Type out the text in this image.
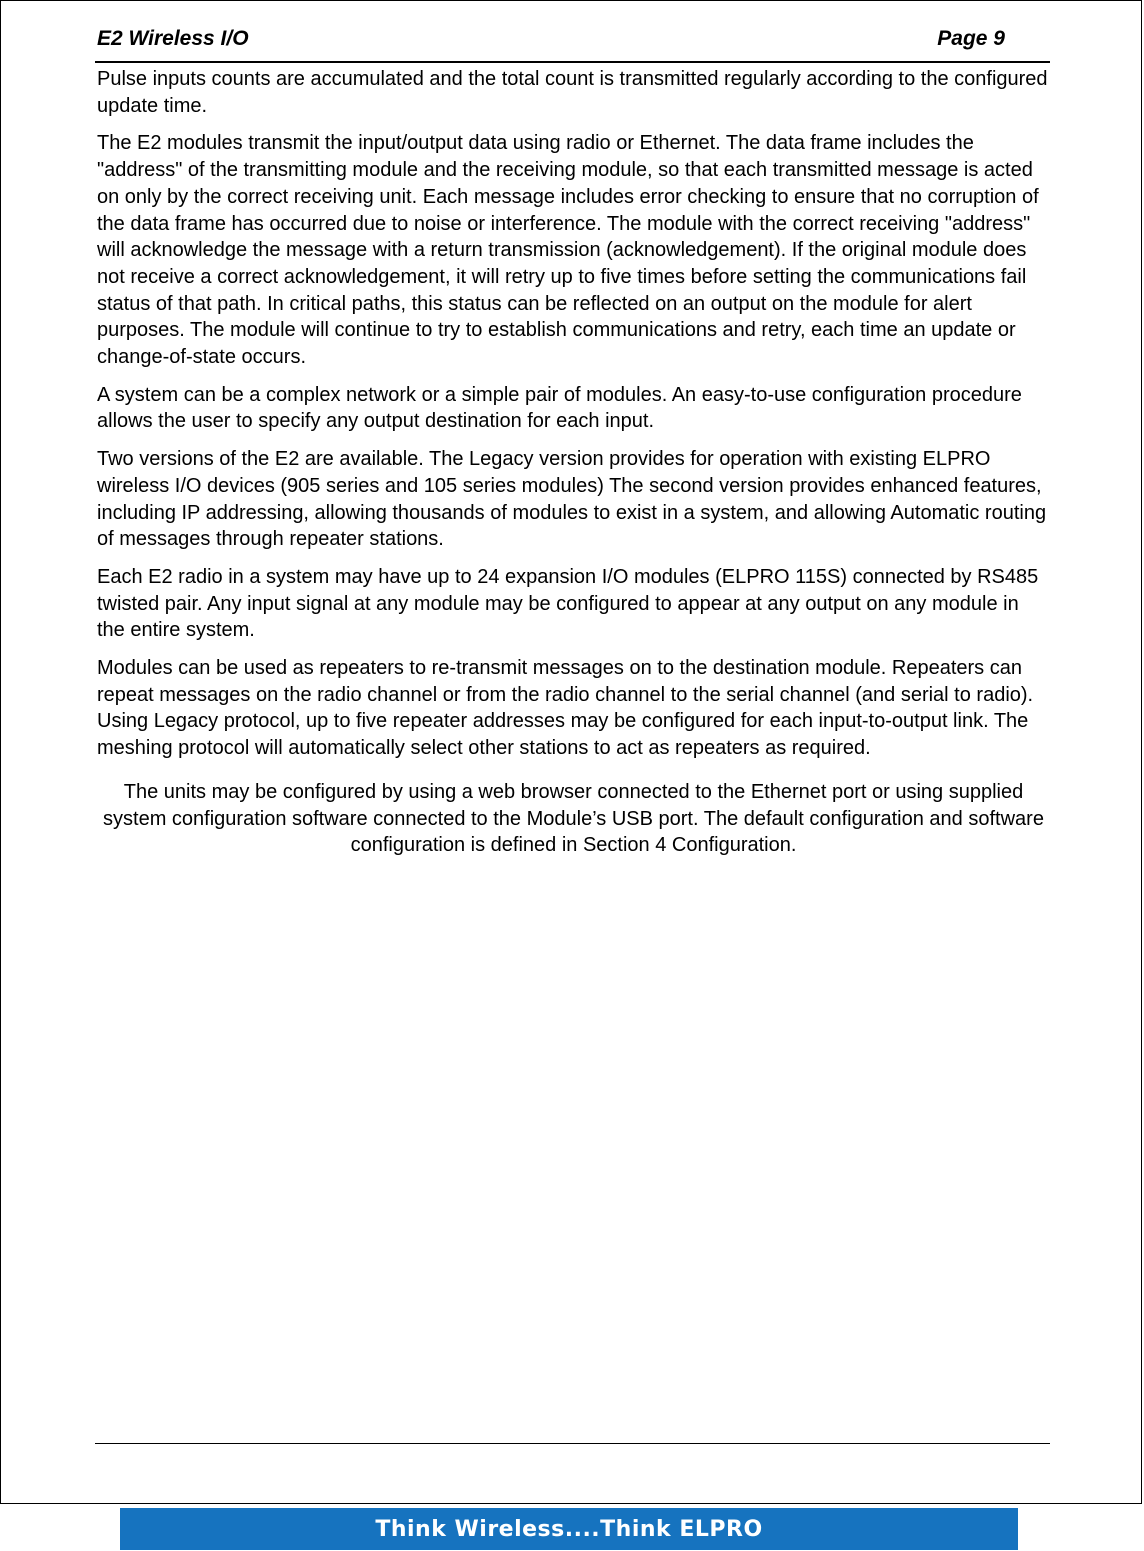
E2 Wireless I/O	Page 9

Pulse inputs counts are accumulated and the total count is transmitted regularly according to the configured update time.

The E2 modules transmit the input/output data using radio or Ethernet. The data frame includes the "address" of the transmitting module and the receiving module, so that each transmitted message is acted on only by the correct receiving unit. Each message includes error checking to ensure that no corruption of the data frame has occurred due to noise or interference. The module with the correct receiving "address" will acknowledge the message with a return transmission (acknowledgement). If the original module does not receive a correct acknowledgement, it will retry up to five times before setting the communications fail status of that path. In critical paths, this status can be reflected on an output on the module for alert purposes. The module will continue to try to establish communications and retry, each time an update or change-of-state occurs.

A system can be a complex network or a simple pair of modules. An easy-to-use configuration procedure allows the user to specify any output destination for each input.

Two versions of the E2 are available. The Legacy version provides for operation with existing ELPRO wireless I/O devices (905 series and 105 series modules) The second version provides enhanced features, including IP addressing, allowing thousands of modules to exist in a system, and allowing Automatic routing of messages through repeater stations.

Each E2 radio in a system may have up to 24 expansion I/O modules (ELPRO 115S) connected by RS485 twisted pair. Any input signal at any module may be configured to appear at any output on any module in the entire system.

Modules can be used as repeaters to re-transmit messages on to the destination module. Repeaters can repeat messages on the radio channel or from the radio channel to the serial channel (and serial to radio). Using Legacy protocol, up to five repeater addresses may be configured for each input-to-output link. The meshing protocol will automatically select other stations to act as repeaters as required.

The units may be configured by using a web browser connected to the Ethernet port or using supplied system configuration software connected to the Module’s USB port. The default configuration and software configuration is defined in Section 4 Configuration.

Think Wireless....Think ELPRO
